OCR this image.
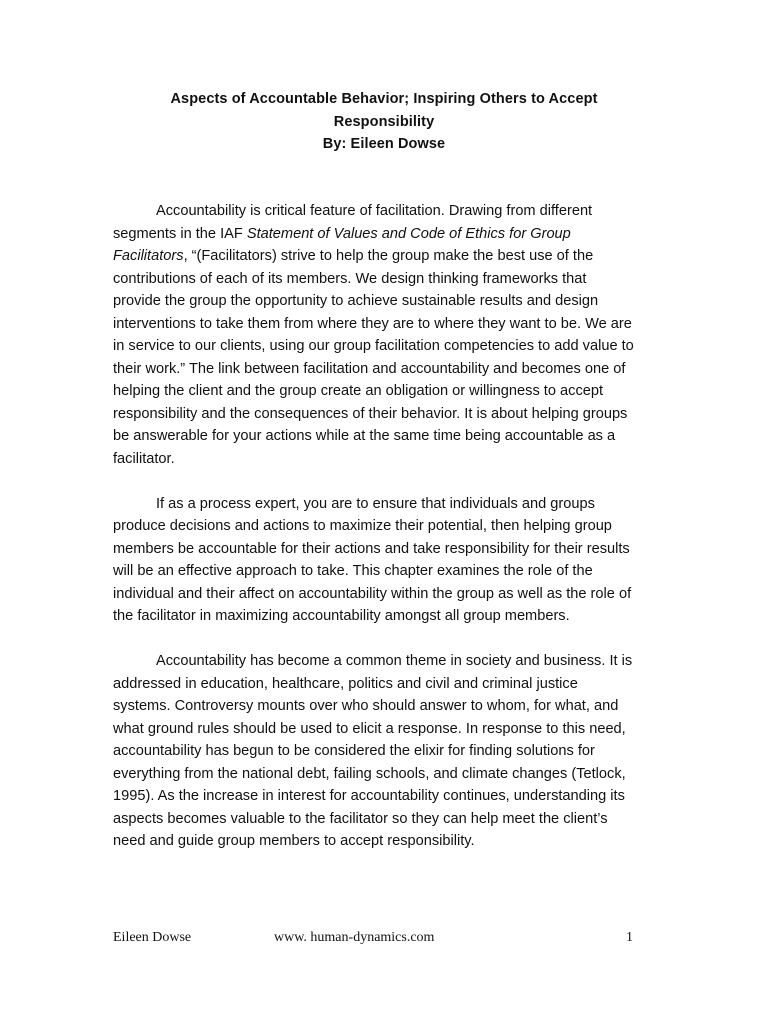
Aspects of Accountable Behavior; Inspiring Others to Accept
Responsibility
By: Eileen Dowse
Accountability is critical feature of facilitation. Drawing from different
segments in the IAF Statement of Values and Code of Ethics for Group
Facilitators, “(Facilitators) strive to help the group make the best use of the
contributions of each of its members. We design thinking frameworks that
provide the group the opportunity to achieve sustainable results and design
interventions to take them from where they are to where they want to be. We are
in service to our clients, using our group facilitation competencies to add value to
their work.” The link between facilitation and accountability and becomes one of
helping the client and the group create an obligation or willingness to accept
responsibility and the consequences of their behavior. It is about helping groups
be answerable for your actions while at the same time being accountable as a
facilitator.
If as a process expert, you are to ensure that individuals and groups
produce decisions and actions to maximize their potential, then helping group
members be accountable for their actions and take responsibility for their results
will be an effective approach to take. This chapter examines the role of the
individual and their affect on accountability within the group as well as the role of
the facilitator in maximizing accountability amongst all group members.
Accountability has become a common theme in society and business. It is
addressed in education, healthcare, politics and civil and criminal justice
systems. Controversy mounts over who should answer to whom, for what, and
what ground rules should be used to elicit a response. In response to this need,
accountability has begun to be considered the elixir for finding solutions for
everything from the national debt, failing schools, and climate changes (Tetlock,
1995). As the increase in interest for accountability continues, understanding its
aspects becomes valuable to the facilitator so they can help meet the client’s
need and guide group members to accept responsibility.
Eileen Dowse	www. human-dynamics.com	1
